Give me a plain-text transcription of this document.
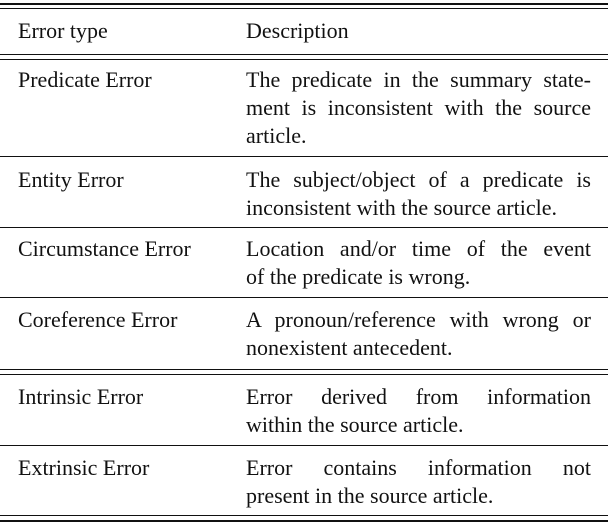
Error type	Description
Predicate Error	The predicate in the summary state-
ment is inconsistent with the source
article.
Entity Error	The subject/object of a predicate is
inconsistent with the source article.
Circumstance Error	Location and/or time of the event
of the predicate is wrong.
Coreference Error	A pronoun/reference with wrong or
nonexistent antecedent.
Intrinsic Error	Error derived from information
within the source article.
Extrinsic Error	Error contains information not
present in the source article.
